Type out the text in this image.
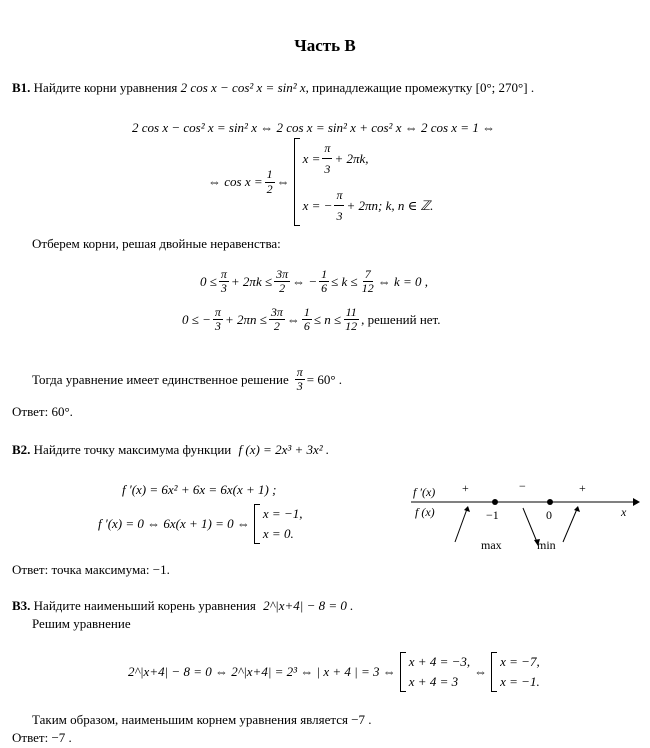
Часть В
В1. Найдите корни уравнения 2 cos x − cos² x = sin² x, принадлежащие промежутку [0°; 270°] .
2 cos x − cos² x = sin² x ⇔ 2 cos x = sin² x + cos² x ⇔ 2 cos x = 1 ⇔
⇔ $\cos x = \frac{1}{2}$ ⇔
$x = \frac{\pi}{3} + 2\pi k$,
x = − $\frac{\pi}{3} + 2\pi n$; k, n ∈ ℤ.
Отберем корни, решая двойные неравенства:
$0 \le \frac{\pi}{3} + 2\pi k \le \frac{3\pi}{2}$ ⇔ − $\frac{1}{6} \le k \le \frac{7}{12}$ ⇔ k = 0 ,
0 ≤ − $\frac{\pi}{3} + 2\pi n \le \frac{3\pi}{2}$ ⇔ $\frac{1}{6} \le n \le \frac{11}{12}$ , решений нет.
Тогда уравнение имеет единственное решение $\frac{\pi}{3} = 60^\circ$ .
Ответ: 60°.
В2. Найдите точку максимума функции f (x) = 2x³ + 3x² .
f ′(x) = 6x² + 6x = 6x(x + 1) ;
f ′(x) = 0 ⇔ 6x(x + 1) = 0 ⇔
x = −1,
x = 0.
f ′(x)
f (x)	x
+	−	+
−1	0
max	min
Ответ: точка максимума: −1.
В3. Найдите наименьший корень уравнения 2^|x+4| − 8 = 0 .
Решим уравнение
2^|x+4| − 8 = 0 ⇔ 2^|x+4| = 2³ ⇔ | x + 4 | = 3 ⇔
x + 4 = −3,
x + 4 = 3
⇔
x = −7,
x = −1.
Таким образом, наименьшим корнем уравнения является −7 .
Ответ: −7 .
